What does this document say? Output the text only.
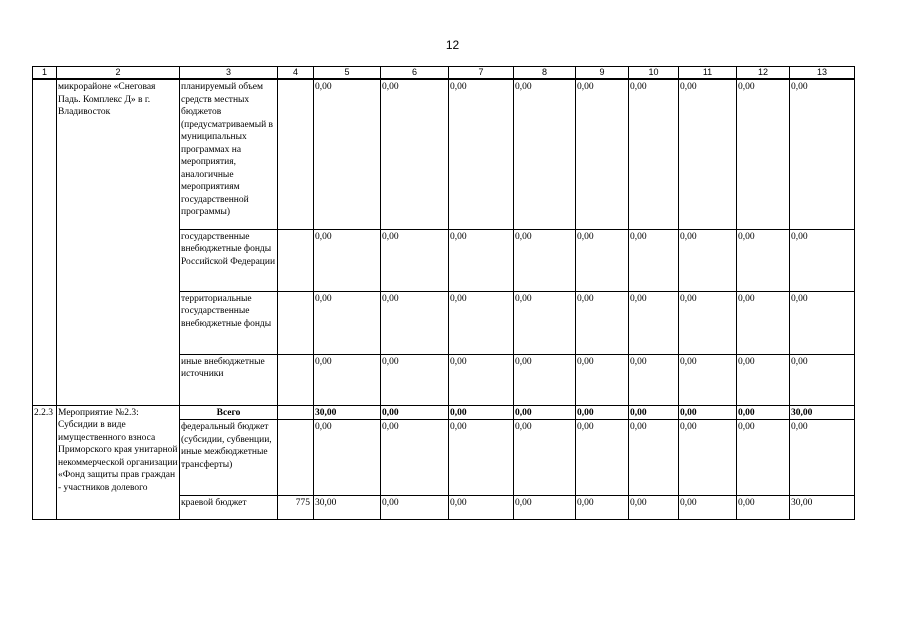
12
1	2	3	4	5	6	7	8	9	10	11	12	13
	микрорайоне «Снеговая Падь. Комплекс Д» в г. Владивосток	планируемый объем средств местных бюджетов (предусматриваемый в муниципальных программах на мероприятия, аналогичные мероприятиям государственной программы)		0,00	0,00	0,00	0,00	0,00	0,00	0,00	0,00	0,00
		государственные внебюджетные фонды Российской Федерации		0,00	0,00	0,00	0,00	0,00	0,00	0,00	0,00	0,00
		территориальные государственные внебюджетные фонды		0,00	0,00	0,00	0,00	0,00	0,00	0,00	0,00	0,00
		иные внебюджетные источники		0,00	0,00	0,00	0,00	0,00	0,00	0,00	0,00	0,00
2.2.3	Мероприятие №2.3: Субсидии в виде имущественного взноса Приморского края унитарной некоммерческой организации «Фонд защиты прав граждан - участников долевого	Всего		30,00	0,00	0,00	0,00	0,00	0,00	0,00	0,00	30,00
		федеральный бюджет (субсидии, субвенции, иные межбюджетные трансферты)		0,00	0,00	0,00	0,00	0,00	0,00	0,00	0,00	0,00
		краевой бюджет	775	30,00	0,00	0,00	0,00	0,00	0,00	0,00	0,00	30,00
